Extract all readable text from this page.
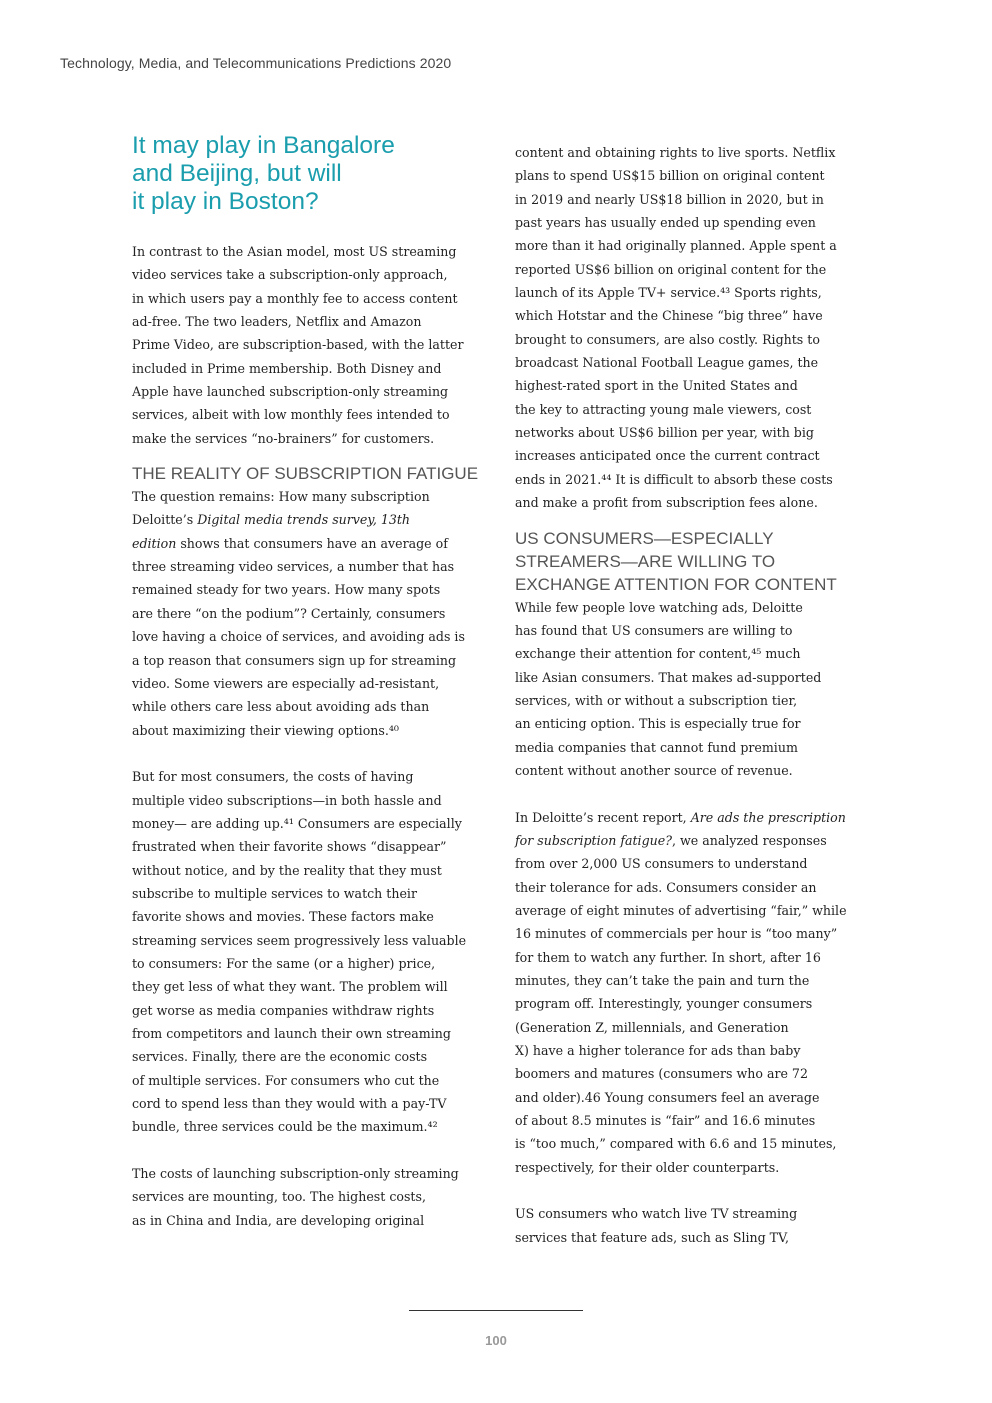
Technology, Media, and Telecommunications Predictions 2020
It may play in Bangalore
and Beijing, but will
it play in Boston?
In contrast to the Asian model, most US streaming
video services take a subscription-only approach,
in which users pay a monthly fee to access content
ad-free. The two leaders, Netflix and Amazon
Prime Video, are subscription-based, with the latter
included in Prime membership. Both Disney and
Apple have launched subscription-only streaming
services, albeit with low monthly fees intended to
make the services “no-brainers” for customers.
THE REALITY OF SUBSCRIPTION FATIGUE
The question remains: How many subscription
Deloitte’s Digital media trends survey, 13th
edition shows that consumers have an average of
three streaming video services, a number that has
remained steady for two years. How many spots
are there “on the podium”? Certainly, consumers
love having a choice of services, and avoiding ads is
a top reason that consumers sign up for streaming
video. Some viewers are especially ad-resistant,
while others care less about avoiding ads than
about maximizing their viewing options.⁴⁰
But for most consumers, the costs of having
multiple video subscriptions—in both hassle and
money— are adding up.⁴¹ Consumers are especially
frustrated when their favorite shows “disappear”
without notice, and by the reality that they must
subscribe to multiple services to watch their
favorite shows and movies. These factors make
streaming services seem progressively less valuable
to consumers: For the same (or a higher) price,
they get less of what they want. The problem will
get worse as media companies withdraw rights
from competitors and launch their own streaming
services. Finally, there are the economic costs
of multiple services. For consumers who cut the
cord to spend less than they would with a pay-TV
bundle, three services could be the maximum.⁴²
The costs of launching subscription-only streaming
services are mounting, too. The highest costs,
as in China and India, are developing original
content and obtaining rights to live sports. Netflix
plans to spend US$15 billion on original content
in 2019 and nearly US$18 billion in 2020, but in
past years has usually ended up spending even
more than it had originally planned. Apple spent a
reported US$6 billion on original content for the
launch of its Apple TV+ service.⁴³ Sports rights,
which Hotstar and the Chinese “big three” have
brought to consumers, are also costly. Rights to
broadcast National Football League games, the
highest-rated sport in the United States and
the key to attracting young male viewers, cost
networks about US$6 billion per year, with big
increases anticipated once the current contract
ends in 2021.⁴⁴ It is difficult to absorb these costs
and make a profit from subscription fees alone.
US CONSUMERS—ESPECIALLY
STREAMERS—ARE WILLING TO
EXCHANGE ATTENTION FOR CONTENT
While few people love watching ads, Deloitte
has found that US consumers are willing to
exchange their attention for content,⁴⁵ much
like Asian consumers. That makes ad-supported
services, with or without a subscription tier,
an enticing option. This is especially true for
media companies that cannot fund premium
content without another source of revenue.
In Deloitte’s recent report, Are ads the prescription
for subscription fatigue?, we analyzed responses
from over 2,000 US consumers to understand
their tolerance for ads. Consumers consider an
average of eight minutes of advertising “fair,” while
16 minutes of commercials per hour is “too many”
for them to watch any further. In short, after 16
minutes, they can’t take the pain and turn the
program off. Interestingly, younger consumers
(Generation Z, millennials, and Generation
X) have a higher tolerance for ads than baby
boomers and matures (consumers who are 72
and older).46 Young consumers feel an average
of about 8.5 minutes is “fair” and 16.6 minutes
is “too much,” compared with 6.6 and 15 minutes,
respectively, for their older counterparts.
US consumers who watch live TV streaming
services that feature ads, such as Sling TV,
100
